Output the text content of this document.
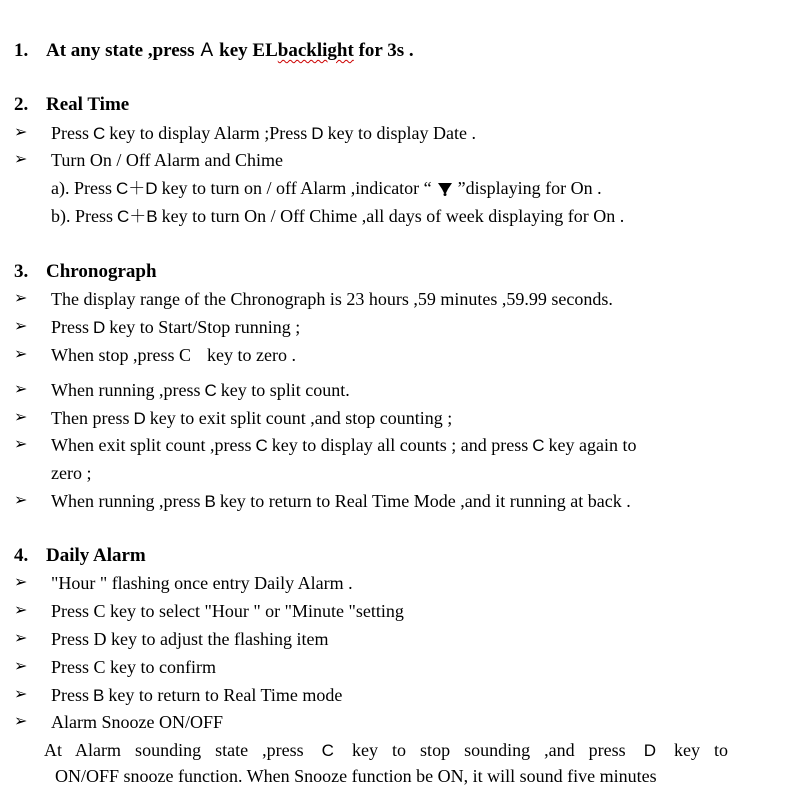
1. At any state ,press A key ELbacklight for 3s .
2. Real Time
➢ Press C key to display Alarm ;Press D key to display Date .
➢ Turn On / Off Alarm and Chime
a). Press C＋D key to turn on / off Alarm ,indicator “ ”displaying for On .
b). Press C＋B key to turn On / Off Chime ,all days of week displaying for On .
3. Chronograph
➢ The display range of the Chronograph is 23 hours ,59 minutes ,59.99 seconds.
➢ Press D key to Start/Stop running ;
➢ When stop ,press C key to zero .
➢ When running ,press C key to split count.
➢ Then press D key to exit split count ,and stop counting ;
➢ When exit split count ,press C key to display all counts ; and press C key again to
zero ;
➢ When running ,press B key to return to Real Time Mode ,and it running at back .
4. Daily Alarm
➢ "Hour " flashing once entry Daily Alarm .
➢ Press C key to select "Hour " or "Minute "setting
➢ Press D key to adjust the flashing item
➢ Press C key to confirm
➢ Press B key to return to Real Time mode
➢ Alarm Snooze ON/OFF
At Alarm sounding state ,press C key to stop sounding ,and press D key to
ON/OFF snooze function. When Snooze function be ON, it will sound five minutes
